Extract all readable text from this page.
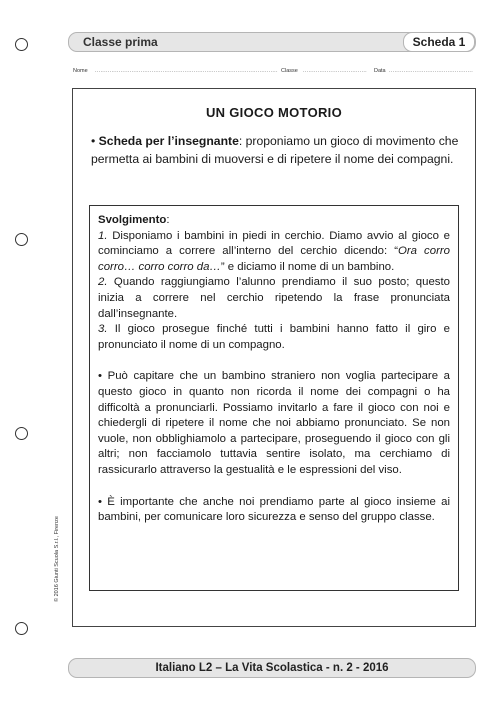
Classe prima	Scheda 1
Nome .................................................................................................... Classe ................................... Data ..............................................
UN GIOCO MOTORIO

• Scheda per l’insegnante: proponiamo un gioco di movimento che permetta ai bambini di muoversi e di ripetere il nome dei compagni.

Svolgimento:
1. Disponiamo i bambini in piedi in cerchio. Diamo avvio al gioco e cominciamo a correre all’interno del cerchio dicendo: “Ora corro corro… corro corro da…” e diciamo il nome di un bambino.
2. Quando raggiungiamo l’alunno prendiamo il suo posto; questo inizia a correre nel cerchio ripetendo la frase pronunciata dall’insegnante.
3. Il gioco prosegue finché tutti i bambini hanno fatto il giro e pronunciato il nome di un compagno.

• Può capitare che un bambino straniero non voglia partecipare a questo gioco in quanto non ricorda il nome dei compagni o ha difficoltà a pronunciarli. Possiamo invitarlo a fare il gioco con noi e chiedergli di ripetere il nome che noi abbiamo pronunciato. Se non vuole, non obblighiamolo a partecipare, proseguendo il gioco con gli altri; non facciamolo tuttavia sentire isolato, ma cerchiamo di rassicurarlo attraverso la gestualità e le espressioni del viso.

• È importante che anche noi prendiamo parte al gioco insieme ai bambini, per comunicare loro sicurezza e senso del gruppo classe.

© 2016 Giunti Scuola S.r.l., Firenze
Italiano L2 – La Vita Scolastica - n. 2 - 2016
